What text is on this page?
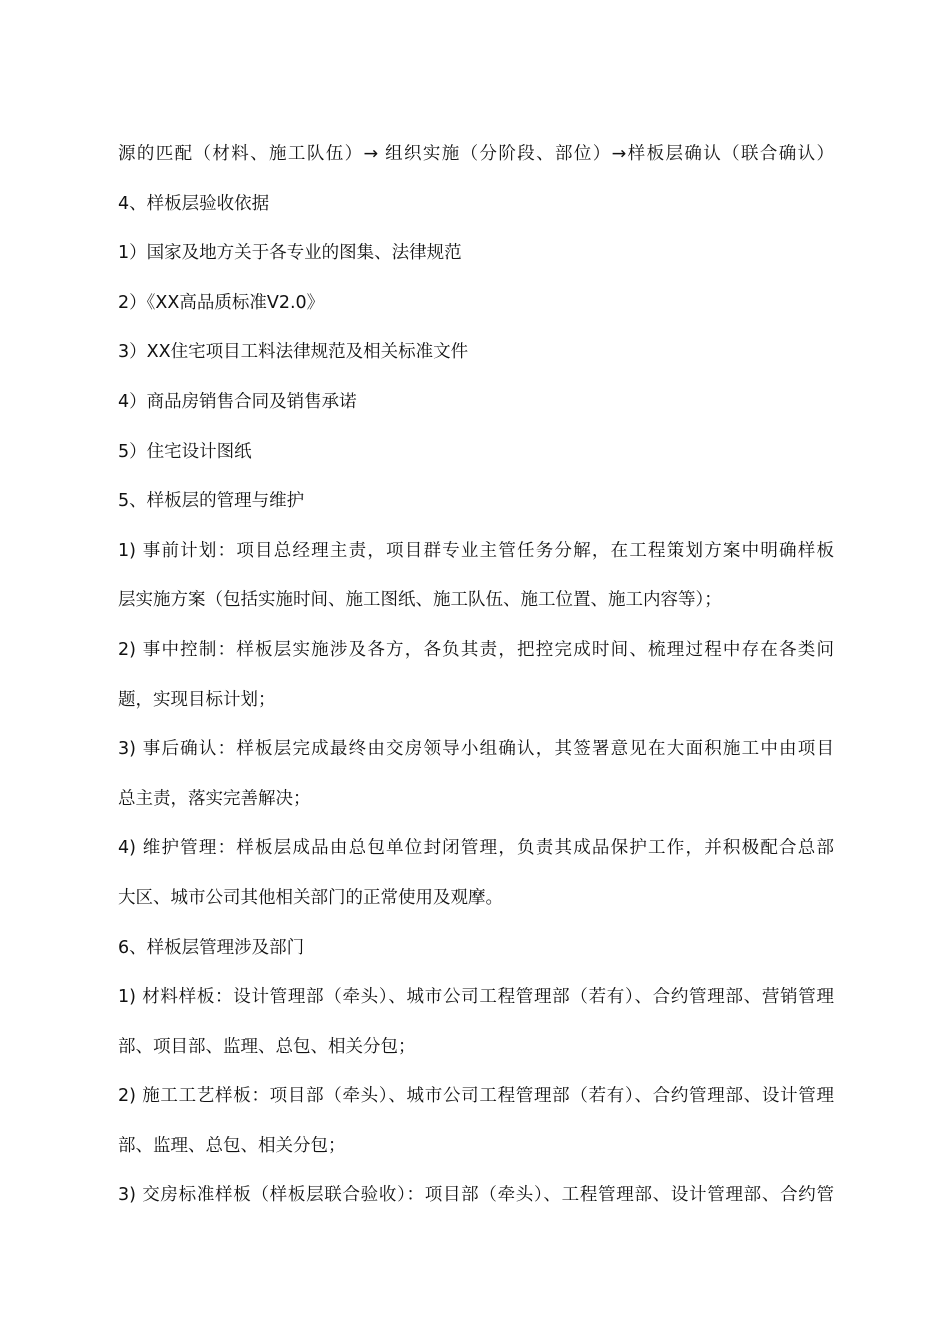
源的匹配（材料、施工队伍）→ 组织实施（分阶段、部位）→样板层确认（联合确认）
4、样板层验收依据
1）国家及地方关于各专业的图集、法律规范
2）《XX高品质标准V2.0》
3）XX住宅项目工料法律规范及相关标准文件
4）商品房销售合同及销售承诺
5）住宅设计图纸
5、样板层的管理与维护
1) 事前计划：项目总经理主责，项目群专业主管任务分解，在工程策划方案中明确样板
层实施方案（包括实施时间、施工图纸、施工队伍、施工位置、施工内容等）；
2) 事中控制：样板层实施涉及各方，各负其责，把控完成时间、梳理过程中存在各类问
题，实现目标计划；
3) 事后确认：样板层完成最终由交房领导小组确认，其签署意见在大面积施工中由项目
总主责，落实完善解决；
4) 维护管理：样板层成品由总包单位封闭管理，负责其成品保护工作，并积极配合总部
大区、城市公司其他相关部门的正常使用及观摩。
6、样板层管理涉及部门
1) 材料样板：设计管理部（牵头）、城市公司工程管理部（若有）、合约管理部、营销管理
部、项目部、监理、总包、相关分包；
2) 施工工艺样板：项目部（牵头）、城市公司工程管理部（若有）、合约管理部、设计管理
部、监理、总包、相关分包；
3) 交房标准样板（样板层联合验收）：项目部（牵头）、工程管理部、设计管理部、合约管
